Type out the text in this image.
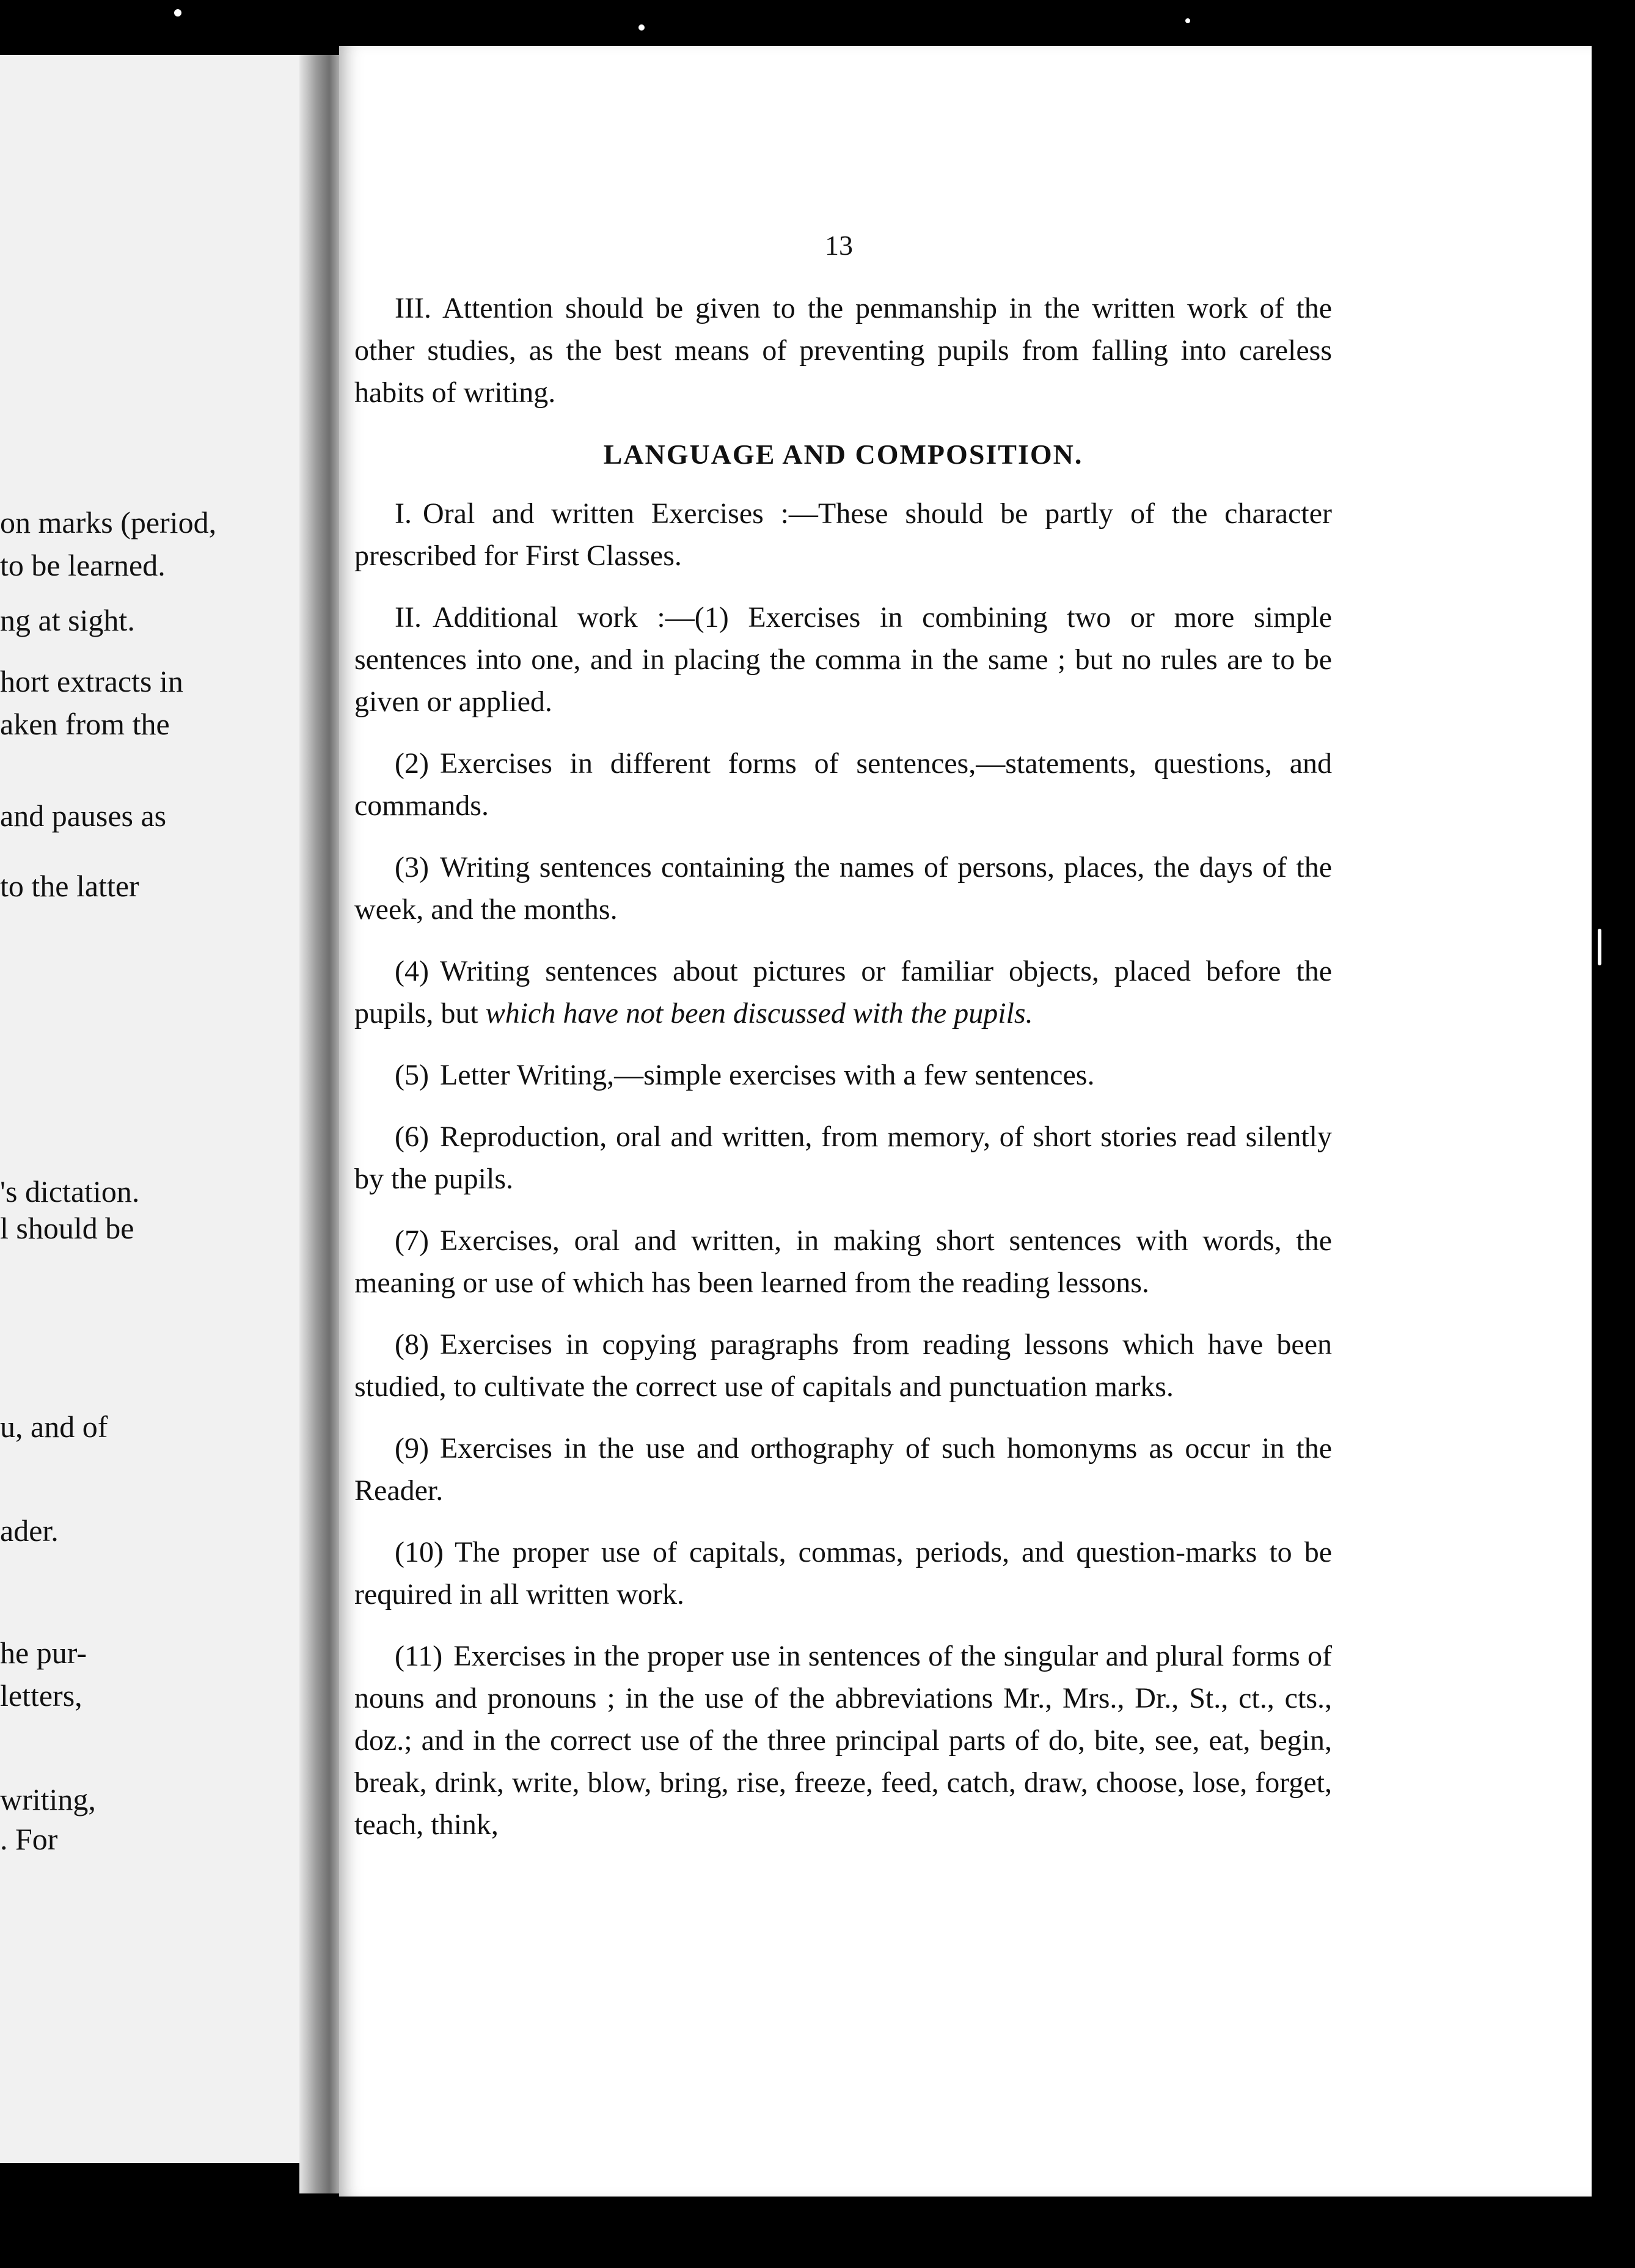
on marks (period,
to be learned.
ng at sight.
hort extracts in
aken from the
and pauses as
to the latter
's dictation.
l should be
u, and of
ader.
he pur-
letters,
writing,
. For
13

III. Attention should be given to the penmanship in the written work of the other studies, as the best means of preventing pupils from falling into careless habits of writing.

LANGUAGE AND COMPOSITION.

I. Oral and written Exercises :—These should be partly of the character prescribed for First Classes.

II. Additional work :—(1) Exercises in combining two or more simple sentences into one, and in placing the comma in the same ; but no rules are to be given or applied.

(2) Exercises in different forms of sentences,—statements, questions, and commands.

(3) Writing sentences containing the names of persons, places, the days of the week, and the months.

(4) Writing sentences about pictures or familiar objects, placed before the pupils, but which have not been discussed with the pupils.

(5) Letter Writing,—simple exercises with a few sentences.

(6) Reproduction, oral and written, from memory, of short stories read silently by the pupils.

(7) Exercises, oral and written, in making short sentences with words, the meaning or use of which has been learned from the reading lessons.

(8) Exercises in copying paragraphs from reading lessons which have been studied, to cultivate the correct use of capitals and punctuation marks.

(9) Exercises in the use and orthography of such homonyms as occur in the Reader.

(10) The proper use of capitals, commas, periods, and question-marks to be required in all written work.

(11) Exercises in the proper use in sentences of the singular and plural forms of nouns and pronouns ; in the use of the abbreviations Mr., Mrs., Dr., St., ct., cts., doz.; and in the correct use of the three principal parts of do, bite, see, eat, begin, break, drink, write, blow, bring, rise, freeze, feed, catch, draw, choose, lose, forget, teach, think,
